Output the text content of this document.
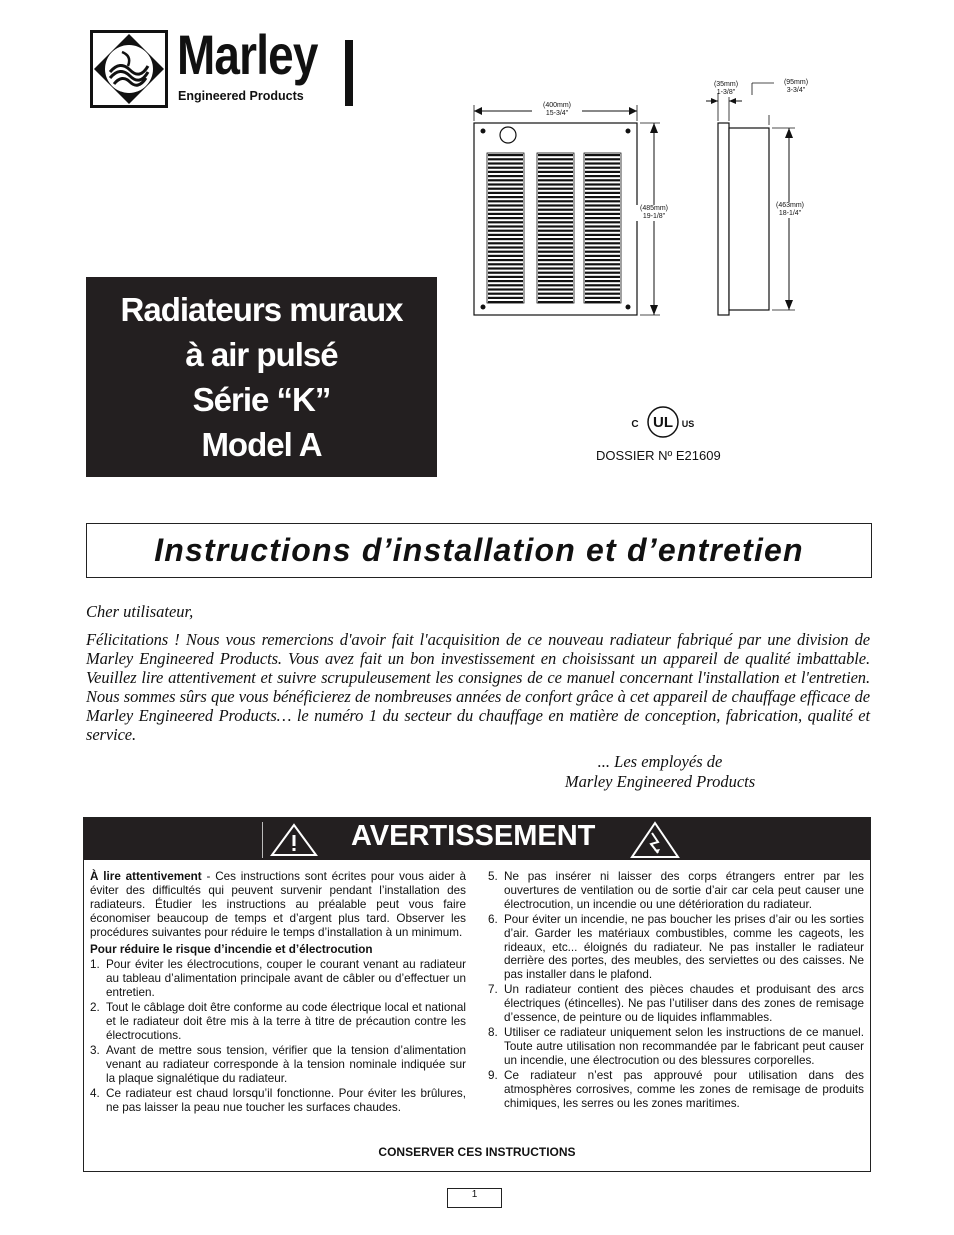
Marley
Engineered Products
Radiateurs muraux
à air pulsé
Série “K”
Model A
(400mm)
15-3/4"
(485mm)
19-1/8"
(35mm)
1-3/8"
(95mm)
3-3/4"
(463mm)
18-1/4"
UL
C	US
DOSSIER Nº E21609
Instructions d’installation et d’entretien
Cher utilisateur,
Félicitations ! Nous vous remercions d'avoir fait l'acquisition de ce nouveau radiateur fabriqué par une division de Marley Engineered Products. Vous avez fait un bon investissement en choisissant un appareil de qualité imbattable. Veuillez lire attentivement et suivre scrupuleusement les consignes de ce manuel concernant l'installation et l'entretien. Nous sommes sûrs que vous bénéficierez de nombreuses années de confort grâce à cet appareil de chauffage efficace de Marley Engineered Products… le numéro 1 du secteur du chauffage en matière de conception, fabrication, qualité et service.
... Les employés de
Marley Engineered Products
AVERTISSEMENT
À lire attentivement - Ces instructions sont écrites pour vous aider à éviter des difficultés qui peuvent survenir pendant l’installation des radiateurs. Étudier les instructions au préalable peut vous faire économiser beaucoup de temps et d’argent plus tard. Observer les procédures suivantes pour réduire le temps d’installation à un minimum.
Pour réduire le risque d’incendie et d’électrocution
1. Pour éviter les électrocutions, couper le courant venant au radiateur au tableau d’alimentation principale avant de câbler ou d’effectuer un entretien.
2. Tout le câblage doit être conforme au code électrique local et national et le radiateur doit être mis à la terre à titre de précaution contre les électrocutions.
3. Avant de mettre sous tension, vérifier que la tension d’alimentation venant au radiateur corresponde à la tension nominale indiquée sur la plaque signalétique du radiateur.
4. Ce radiateur est chaud lorsqu’il fonctionne. Pour éviter les brûlures, ne pas laisser la peau nue toucher les surfaces chaudes.
5. Ne pas insérer ni laisser des corps étrangers entrer par les ouvertures de ventilation ou de sortie d’air car cela peut causer une électrocution, un incendie ou une détérioration du radiateur.
6. Pour éviter un incendie, ne pas boucher les prises d’air ou les sorties d’air. Garder les matériaux combustibles, comme les cageots, les rideaux, etc... éloignés du radiateur. Ne pas installer le radiateur derrière des portes, des meubles, des serviettes ou des caisses. Ne pas installer dans le plafond.
7. Un radiateur contient des pièces chaudes et produisant des arcs électriques (étincelles). Ne pas l’utiliser dans des zones de remisage d’essence, de peinture ou de liquides inflammables.
8. Utiliser ce radiateur uniquement selon les instructions de ce manuel. Toute autre utilisation non recommandée par le fabricant peut causer un incendie, une électrocution ou des blessures corporelles.
9. Ce radiateur n’est pas approuvé pour utilisation dans des atmosphères corrosives, comme les zones de remisage de produits chimiques, les serres ou les zones maritimes.
CONSERVER CES INSTRUCTIONS
1
